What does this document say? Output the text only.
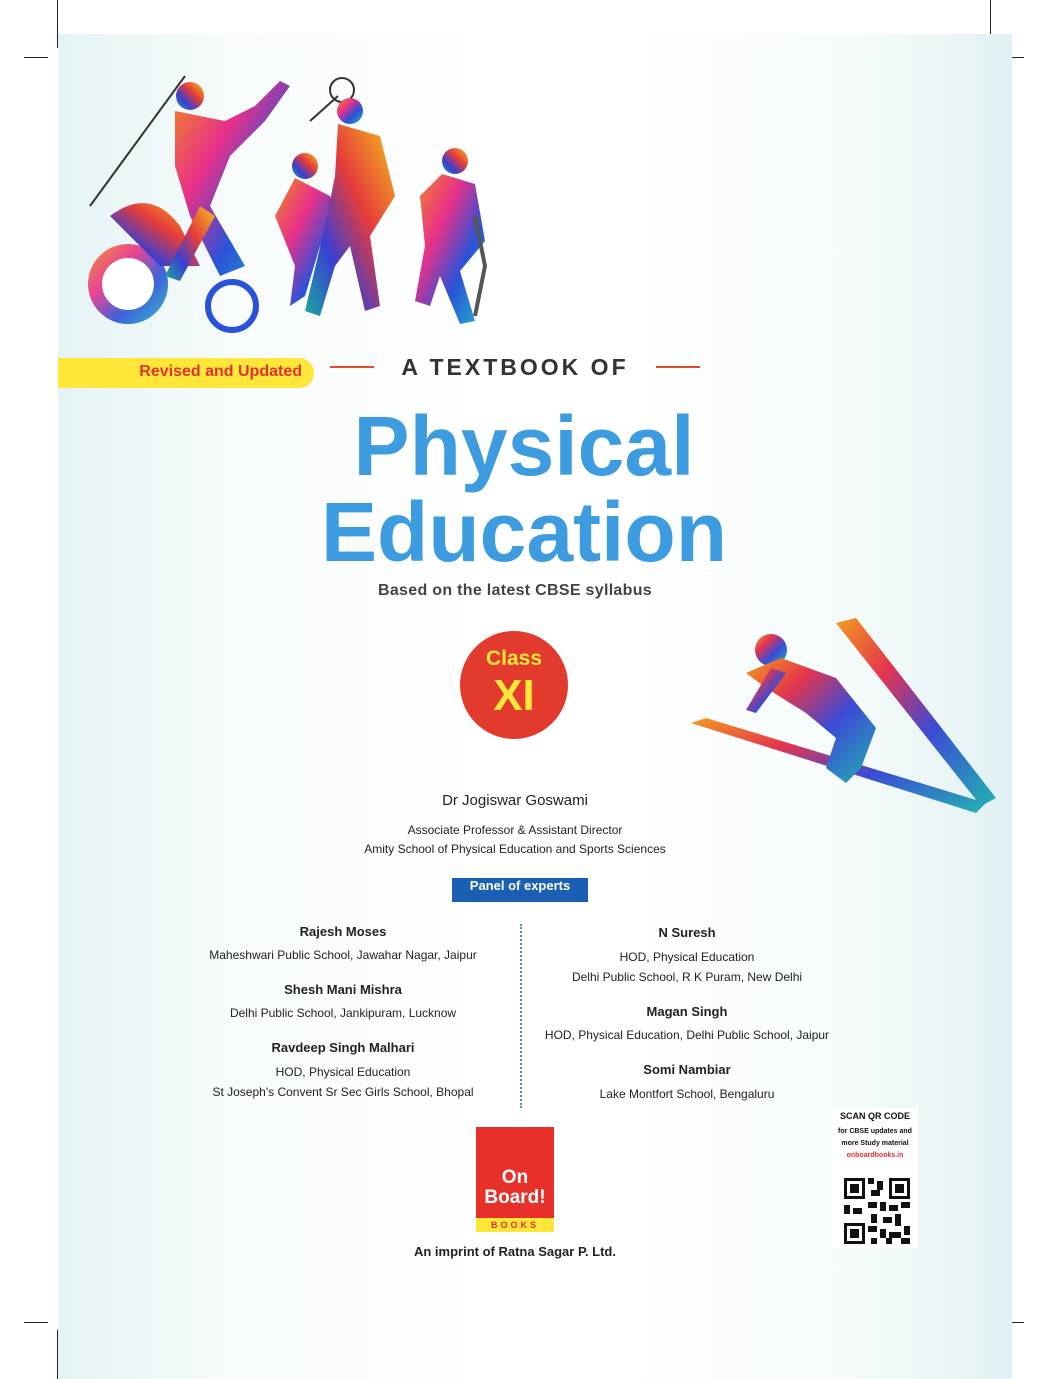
Revised and Updated	A TEXTBOOK OF
Physical
Education
Based on the latest CBSE syllabus
Class
XI
Dr Jogiswar Goswami
Associate Professor & Assistant Director
Amity School of Physical Education and Sports Sciences
Panel of experts
Rajesh Moses
Maheshwari Public School, Jawahar Nagar, Jaipur
Shesh Mani Mishra
Delhi Public School, Jankipuram, Lucknow
Ravdeep Singh Malhari
HOD, Physical Education
St Joseph's Convent Sr Sec Girls School, Bhopal
N Suresh
HOD, Physical Education
Delhi Public School, R K Puram, New Delhi
Magan Singh
HOD, Physical Education, Delhi Public School, Jaipur
Somi Nambiar
Lake Montfort School, Bengaluru
On
Board!
BOOKS
An imprint of Ratna Sagar P. Ltd.
SCAN QR CODE
for CBSE updates and
more Study material
onboardbooks.in
